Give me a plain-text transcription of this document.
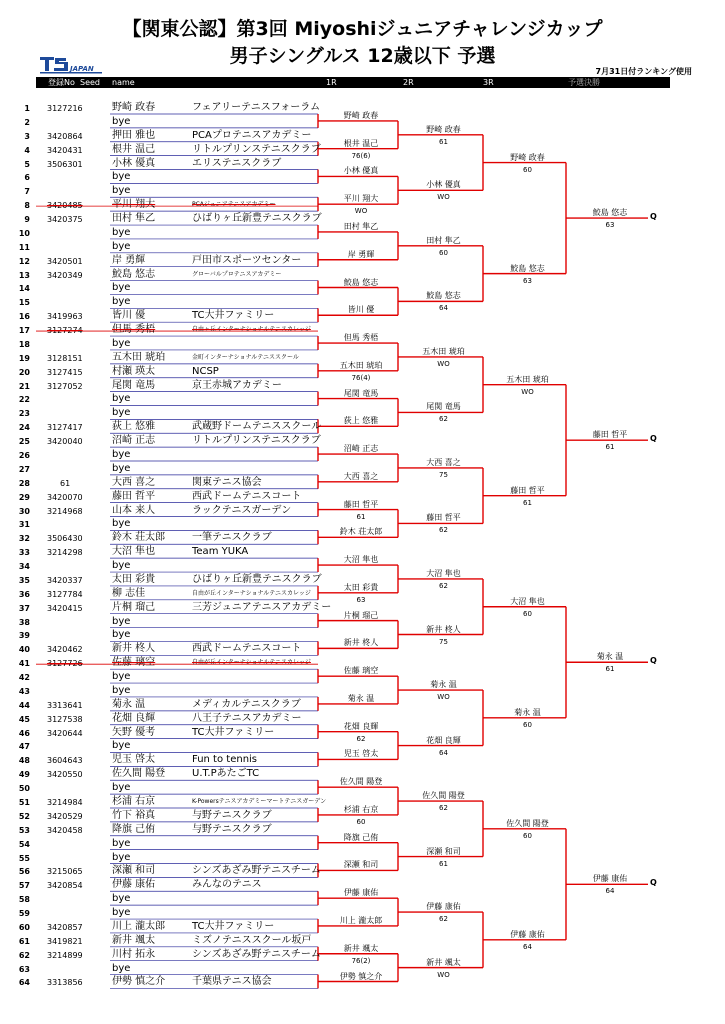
【関東公認】第3回 Miyoshiジュニアチャレンジカップ
男子シングルス 12歳以下 予選
JAPAN	7月31日付ランキング使用
登録No Seed name	1R	2R	3R	予選決勝
1 3127216	野崎 政春	フェアリーテニスフォーラム
2	bye
3 3420864	押田 雅也	PCAプロテニスアカデミー
4 3420431	根井 温己	リトルプリンステニスクラブ
5 3506301	小林 優真	エリステニスクラブ
6	bye
7	bye
8 3420485	平川 翔大	PCAジュニアテニスアカデミー
9 3420375	田村 隼乙	ひばりヶ丘新豊テニスクラブ
10	bye
11	bye
12 3420501	岸 勇輝	戸田市スポーツセンター
13 3420349	鮫島 悠志	グローバルプロテニスアカデミー
14	bye
15	bye
16 3419963	皆川 優	TC大井ファミリー
17 3127274	但馬 秀梧	自由ヶ丘インターナショナルテニスカレッジ
18	bye
19 3128151	五木田 琥珀	金町インターナショナルテニススクール
20 3127415	村瀬 瑛太	NCSP
21 3127052	尾関 竜馬	京王赤城アカデミー
22	bye
23	bye
24 3127417	荻上 悠雅	武蔵野ドームテニススクール
25 3420040	沼崎 正志	リトルプリンステニスクラブ
26	bye
27	bye
28	61	大西 喜之	関東テニス協会
29 3420070	藤田 哲平	西武ドームテニスコート
30 3214968	山本 来人	ラックテニスガーデン
31	bye
32 3506430	鈴木 荘太郎	一筆テニスクラブ
33 3214298	大沼 隼也	Team YUKA
34	bye
35 3420337	太田 彩貴	ひばりヶ丘新豊テニスクラブ
36 3127784	柳 志佳	自由が丘インターナショナルテニスカレッジ
37 3420415	片桐 瑠己	三芳ジュニアテニスアカデミー
38	bye
39	bye
40 3420462	新井 柊人	西武ドームテニスコート
41 3127726	佐藤 璃空	自由が丘インターナショナルテニスカレッジ
42	bye
43	bye
44 3313641	菊永 温	メディカルテニスクラブ
45 3127538	花畑 良輝	八王子テニスアカデミー
46 3420644	矢野 優考	TC大井ファミリー
47	bye
48 3604643	児玉 啓太	Fun to tennis
49 3420550	佐久間 陽登	U.T.PあたごTC
50	bye
51 3214984	杉浦 右京	K-Powersテニスアカデミーマートテニスガーデン
52 3420529	竹下 裕真	与野テニスクラブ
53 3420458	降旗 己侑	与野テニスクラブ
54	bye
55	bye
56 3215065	深瀬 和司	シンズあざみ野テニスチーム
57 3420854	伊藤 康佑	みんなのテニス
58	bye
59	bye
60 3420857	川上 瀧太郎	TC大井ファミリー
61 3419821	新井 颯太	ミズノテニススクール坂戸
62 3214899	川村 拓永	シンズあざみ野テニスチーム
63	bye
64 3313856	伊勢 慎之介	千葉県テニス協会
野崎 政春
根井 温己
76(6)
小林 優真
平川 翔大
WO
田村 隼乙
岸 勇輝
鮫島 悠志
皆川 優
但馬 秀梧
五木田 琥珀
76(4)
尾関 竜馬
荻上 悠雅
沼崎 正志
大西 喜之
藤田 哲平
61
鈴木 荘太郎
大沼 隼也
太田 彩貴
63
片桐 瑠己
新井 柊人
佐藤 璃空
菊永 温
花畑 良輝
62
児玉 啓太
佐久間 陽登
杉浦 右京
60
降旗 己侑
深瀬 和司
伊藤 康佑
川上 瀧太郎
新井 颯太
76(2)
伊勢 慎之介
野崎 政春
61
小林 優真
WO
田村 隼乙
60
鮫島 悠志
64
五木田 琥珀
WO
尾関 竜馬
62
大西 喜之
75
藤田 哲平
62
大沼 隼也
62
新井 柊人
75
菊永 温
WO
花畑 良輝
64
佐久間 陽登
62
深瀬 和司
61
伊藤 康佑
62
新井 颯太
WO
野崎 政春
60
鮫島 悠志
63
五木田 琥珀
WO
藤田 哲平
61
大沼 隼也
60
菊永 温
60
佐久間 陽登
60
伊藤 康佑
64
鮫島 悠志
63
Q
藤田 哲平
61
Q
菊永 温
61
Q
伊藤 康佑
64
Q
